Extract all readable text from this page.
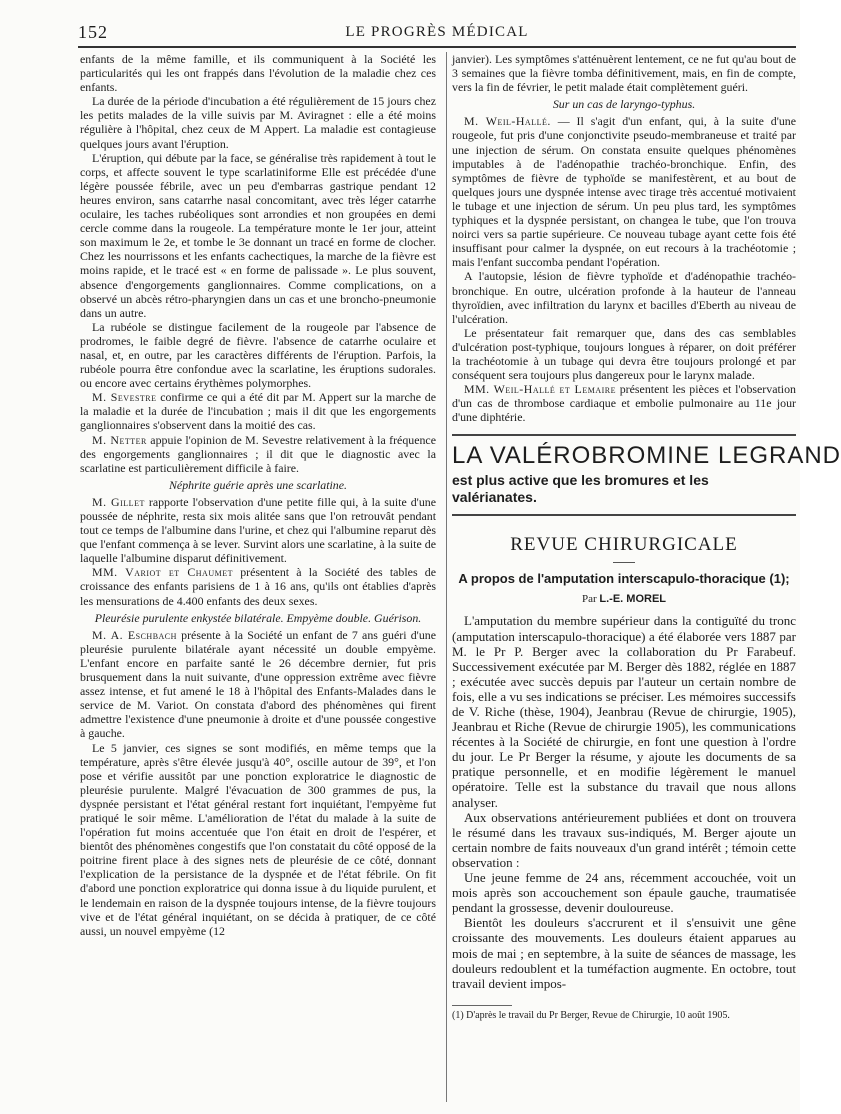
152	LE PROGRÈS MÉDICAL

enfants de la même famille, et ils communiquent à la Société les particularités qui les ont frappés dans l'évolution de la maladie chez ces enfants.

La durée de la période d'incubation a été régulièrement de 15 jours chez les petits malades de la ville suivis par M. Aviragnet : elle a été moins régulière à l'hôpital, chez ceux de M Appert. La maladie est contagieuse quelques jours avant l'éruption.

L'éruption, qui débute par la face, se généralise très rapidement à tout le corps, et affecte souvent le type scarlatiniforme Elle est précédée d'une légère poussée fébrile, avec un peu d'embarras gastrique pendant 12 heures environ, sans catarrhe nasal concomitant, avec très léger catarrhe oculaire, les taches rubéoliques sont arrondies et non groupées en demi cercle comme dans la rougeole. La température monte le 1er jour, atteint son maximum le 2e, et tombe le 3e donnant un tracé en forme de clocher. Chez les nourrissons et les enfants cachectiques, la marche de la fièvre est moins rapide, et le tracé est « en forme de palissade ». Le plus souvent, absence d'engorgements ganglionnaires. Comme complications, on a observé un abcès rétro-pharyngien dans un cas et une broncho-pneumonie dans un autre.

La rubéole se distingue facilement de la rougeole par l'absence de prodromes, le faible degré de fièvre. l'absence de catarrhe oculaire et nasal, et, en outre, par les caractères différents de l'éruption. Parfois, la rubéole pourra être confondue avec la scarlatine, les éruptions sudorales. ou encore avec certains érythèmes polymorphes.

M. Sevestre confirme ce qui a été dit par M. Appert sur la marche de la maladie et la durée de l'incubation ; mais il dit que les engorgements ganglionnaires s'observent dans la moitié des cas.

M. Netter appuie l'opinion de M. Sevestre relativement à la fréquence des engorgements ganglionnaires ; il dit que le diagnostic avec la scarlatine est particulièrement difficile à faire.

Néphrite guérie après une scarlatine.

M. Gillet rapporte l'observation d'une petite fille qui, à la suite d'une poussée de néphrite, resta six mois alitée sans que l'on retrouvât pendant tout ce temps de l'albumine dans l'urine, et chez qui l'albumine reparut dès que l'enfant commença à se lever. Survint alors une scarlatine, à la suite de laquelle l'albumine disparut définitivement.

MM. Variot et Chaumet présentent à la Société des tables de croissance des enfants parisiens de 1 à 16 ans, qu'ils ont établies d'après les mensurations de 4.400 enfants des deux sexes.

Pleurésie purulente enkystée bilatérale. Empyème double. Guérison.

M. A. Eschbach présente à la Société un enfant de 7 ans guéri d'une pleurésie purulente bilatérale ayant nécessité un double empyème. L'enfant encore en parfaite santé le 26 décembre dernier, fut pris brusquement dans la nuit suivante, d'une oppression extrême avec fièvre assez intense, et fut amené le 18 à l'hôpital des Enfants-Malades dans le service de M. Variot. On constata d'abord des phénomènes qui firent admettre l'existence d'une pneumonie à droite et d'une poussée congestive à gauche.

Le 5 janvier, ces signes se sont modifiés, en même temps que la température, après s'être élevée jusqu'à 40°, oscille autour de 39°, et l'on pose et vérifie aussitôt par une ponction exploratrice le diagnostic de pleurésie purulente. Malgré l'évacuation de 300 grammes de pus, la dyspnée persistant et l'état général restant fort inquiétant, l'empyème fut pratiqué le soir même. L'amélioration de l'état du malade à la suite de l'opération fut moins accentuée que l'on était en droit de l'espérer, et bientôt des phénomènes congestifs que l'on constatait du côté opposé de la poitrine firent place à des signes nets de pleurésie de ce côté, donnant l'explication de la persistance de la dyspnée et de l'état fébrile. On fit d'abord une ponction exploratrice qui donna issue à du liquide purulent, et le lendemain en raison de la dyspnée toujours intense, de la fièvre toujours vive et de l'état général inquiétant, on se décida à pratiquer, de ce côté aussi, un nouvel empyème (12

janvier). Les symptômes s'atténuèrent lentement, ce ne fut qu'au bout de 3 semaines que la fièvre tomba définitivement, mais, en fin de compte, vers la fin de février, le petit malade était complètement guéri.

Sur un cas de laryngo-typhus.

M. Weil-Hallé. — Il s'agit d'un enfant, qui, à la suite d'une rougeole, fut pris d'une conjonctivite pseudo-membraneuse et traité par une injection de sérum. On constata ensuite quelques phénomènes imputables à de l'adénopathie trachéo-bronchique. Enfin, des symptômes de fièvre de typhoïde se manifestèrent, et au bout de quelques jours une dyspnée intense avec tirage très accentué motivaient le tubage et une injection de sérum. Un peu plus tard, les symptômes typhiques et la dyspnée persistant, on changea le tube, que l'on trouva noirci vers sa partie supérieure. Ce nouveau tubage ayant cette fois été insuffisant pour calmer la dyspnée, on eut recours à la trachéotomie ; mais l'enfant succomba pendant l'opération.

A l'autopsie, lésion de fièvre typhoïde et d'adénopathie trachéo-bronchique. En outre, ulcération profonde à la hauteur de l'anneau thyroïdien, avec infiltration du larynx et bacilles d'Eberth au niveau de l'ulcération.

Le présentateur fait remarquer que, dans des cas semblables d'ulcération post-typhique, toujours longues à réparer, on doit préférer la trachéotomie à un tubage qui devra être toujours prolongé et par conséquent sera toujours plus dangereux pour le larynx malade.

MM. Weil-Hallé et Lemaire présentent les pièces et l'observation d'un cas de thrombose cardiaque et embolie pulmonaire au 11e jour d'une diphtérie.

LA VALÉROBROMINE LEGRAND
est plus active que les bromures et les valérianates.
REVUE CHIRURGICALE
A propos de l'amputation interscapulo-thoracique (1);
Par L.-E. MOREL

L'amputation du membre supérieur dans la contiguïté du tronc (amputation interscapulo-thoracique) a été élaborée vers 1887 par M. le Pr P. Berger avec la collaboration du Pr Farabeuf. Successivement exécutée par M. Berger dès 1882, réglée en 1887 ; exécutée avec succès depuis par l'auteur un certain nombre de fois, elle a vu ses indications se préciser. Les mémoires successifs de V. Riche (thèse, 1904), Jeanbrau (Revue de chirurgie, 1905), Jeanbrau et Riche (Revue de chirurgie 1905), les communications récentes à la Société de chirurgie, en font une question à l'ordre du jour. Le Pr Berger la résume, y ajoute les documents de sa pratique personnelle, et en modifie légèrement le manuel opératoire. Telle est la substance du travail que nous allons analyser.

Aux observations antérieurement publiées et dont on trouvera le résumé dans les travaux sus-indiqués, M. Berger ajoute un certain nombre de faits nouveaux d'un grand intérêt ; témoin cette observation :

Une jeune femme de 24 ans, récemment accouchée, voit un mois après son accouchement son épaule gauche, traumatisée pendant la grossesse, devenir douloureuse.

Bientôt les douleurs s'accrurent et il s'ensuivit une gêne croissante des mouvements. Les douleurs étaient apparues au mois de mai ; en septembre, à la suite de séances de massage, les douleurs redoublent et la tuméfaction augmente. En octobre, tout travail devient impos-

(1) D'après le travail du Pr Berger, Revue de Chirurgie, 10 août 1905.
